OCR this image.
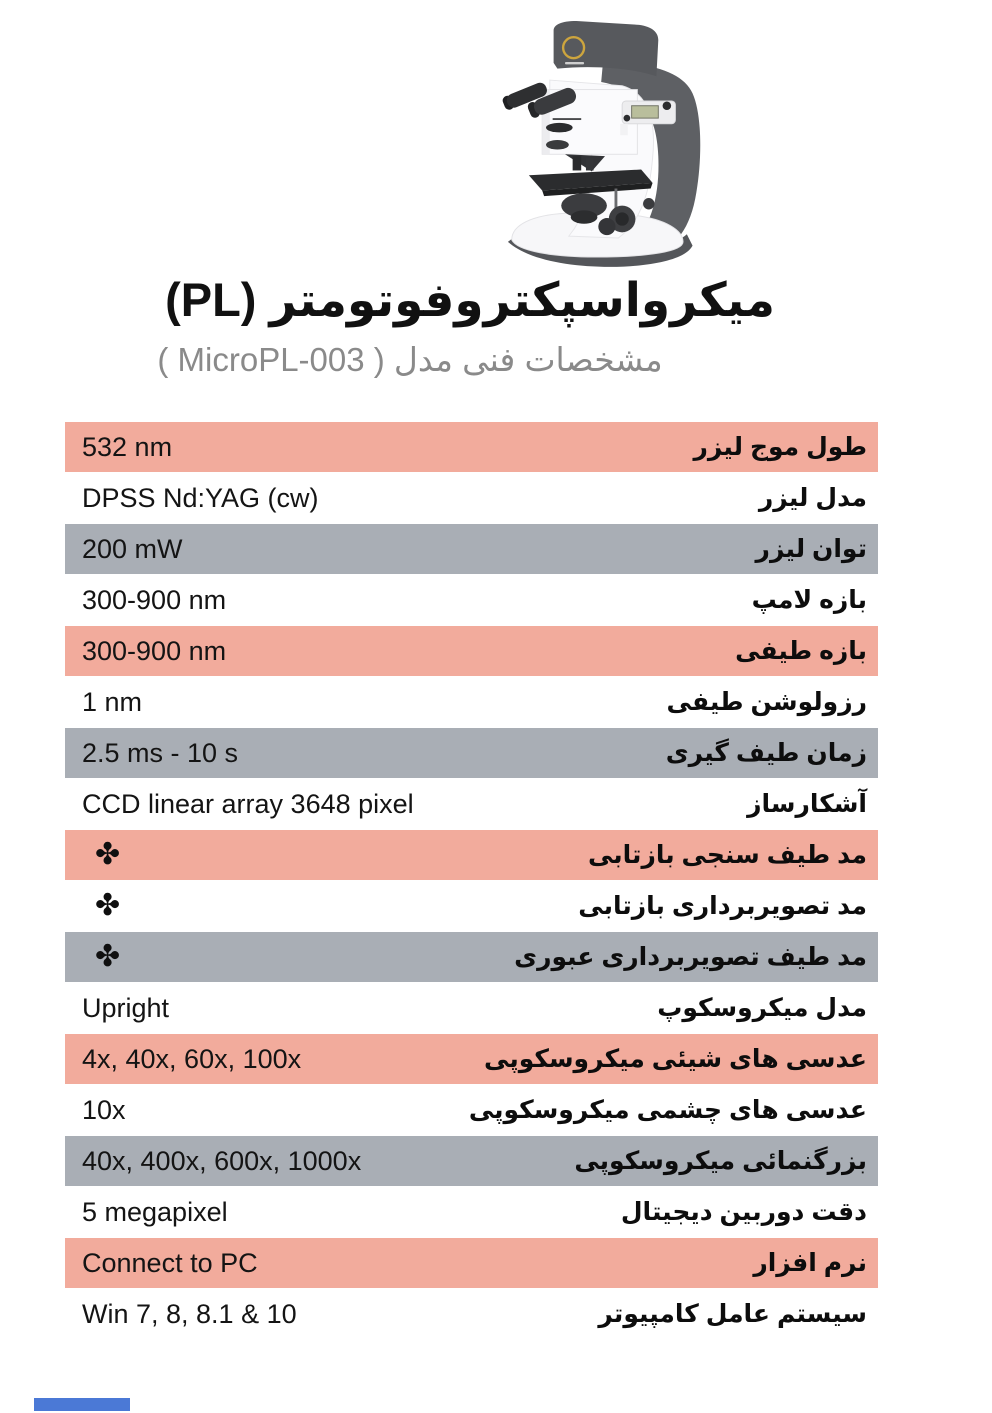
میکرواسپکتروفوتومتر (PL)
مشخصات فنی مدل ( MicroPL-003 )
532 nm	طول موج لیزر
DPSS Nd:YAG (cw)	مدل لیزر
200 mW	توان لیزر
300-900 nm	بازه لامپ
300-900 nm	بازه طیفی
1 nm	رزولوشن طیفی
2.5 ms - 10 s	زمان طیف گیری
CCD linear array 3648 pixel	آشکارساز
✤	مد طیف سنجی بازتابی
✤	مد تصویربرداری بازتابی
✤	مد طیف تصویربرداری عبوری
Upright	مدل میکروسکوپ
4x, 40x, 60x, 100x	عدسی های شیئی میکروسکوپی
10x	عدسی های چشمی میکروسکوپی
40x, 400x, 600x, 1000x	بزرگنمائی میکروسکوپی
5 megapixel	دقت دوربین دیجیتال
Connect to PC	نرم افزار
Win 7, 8, 8.1 & 10	سیستم عامل کامپیوتر
